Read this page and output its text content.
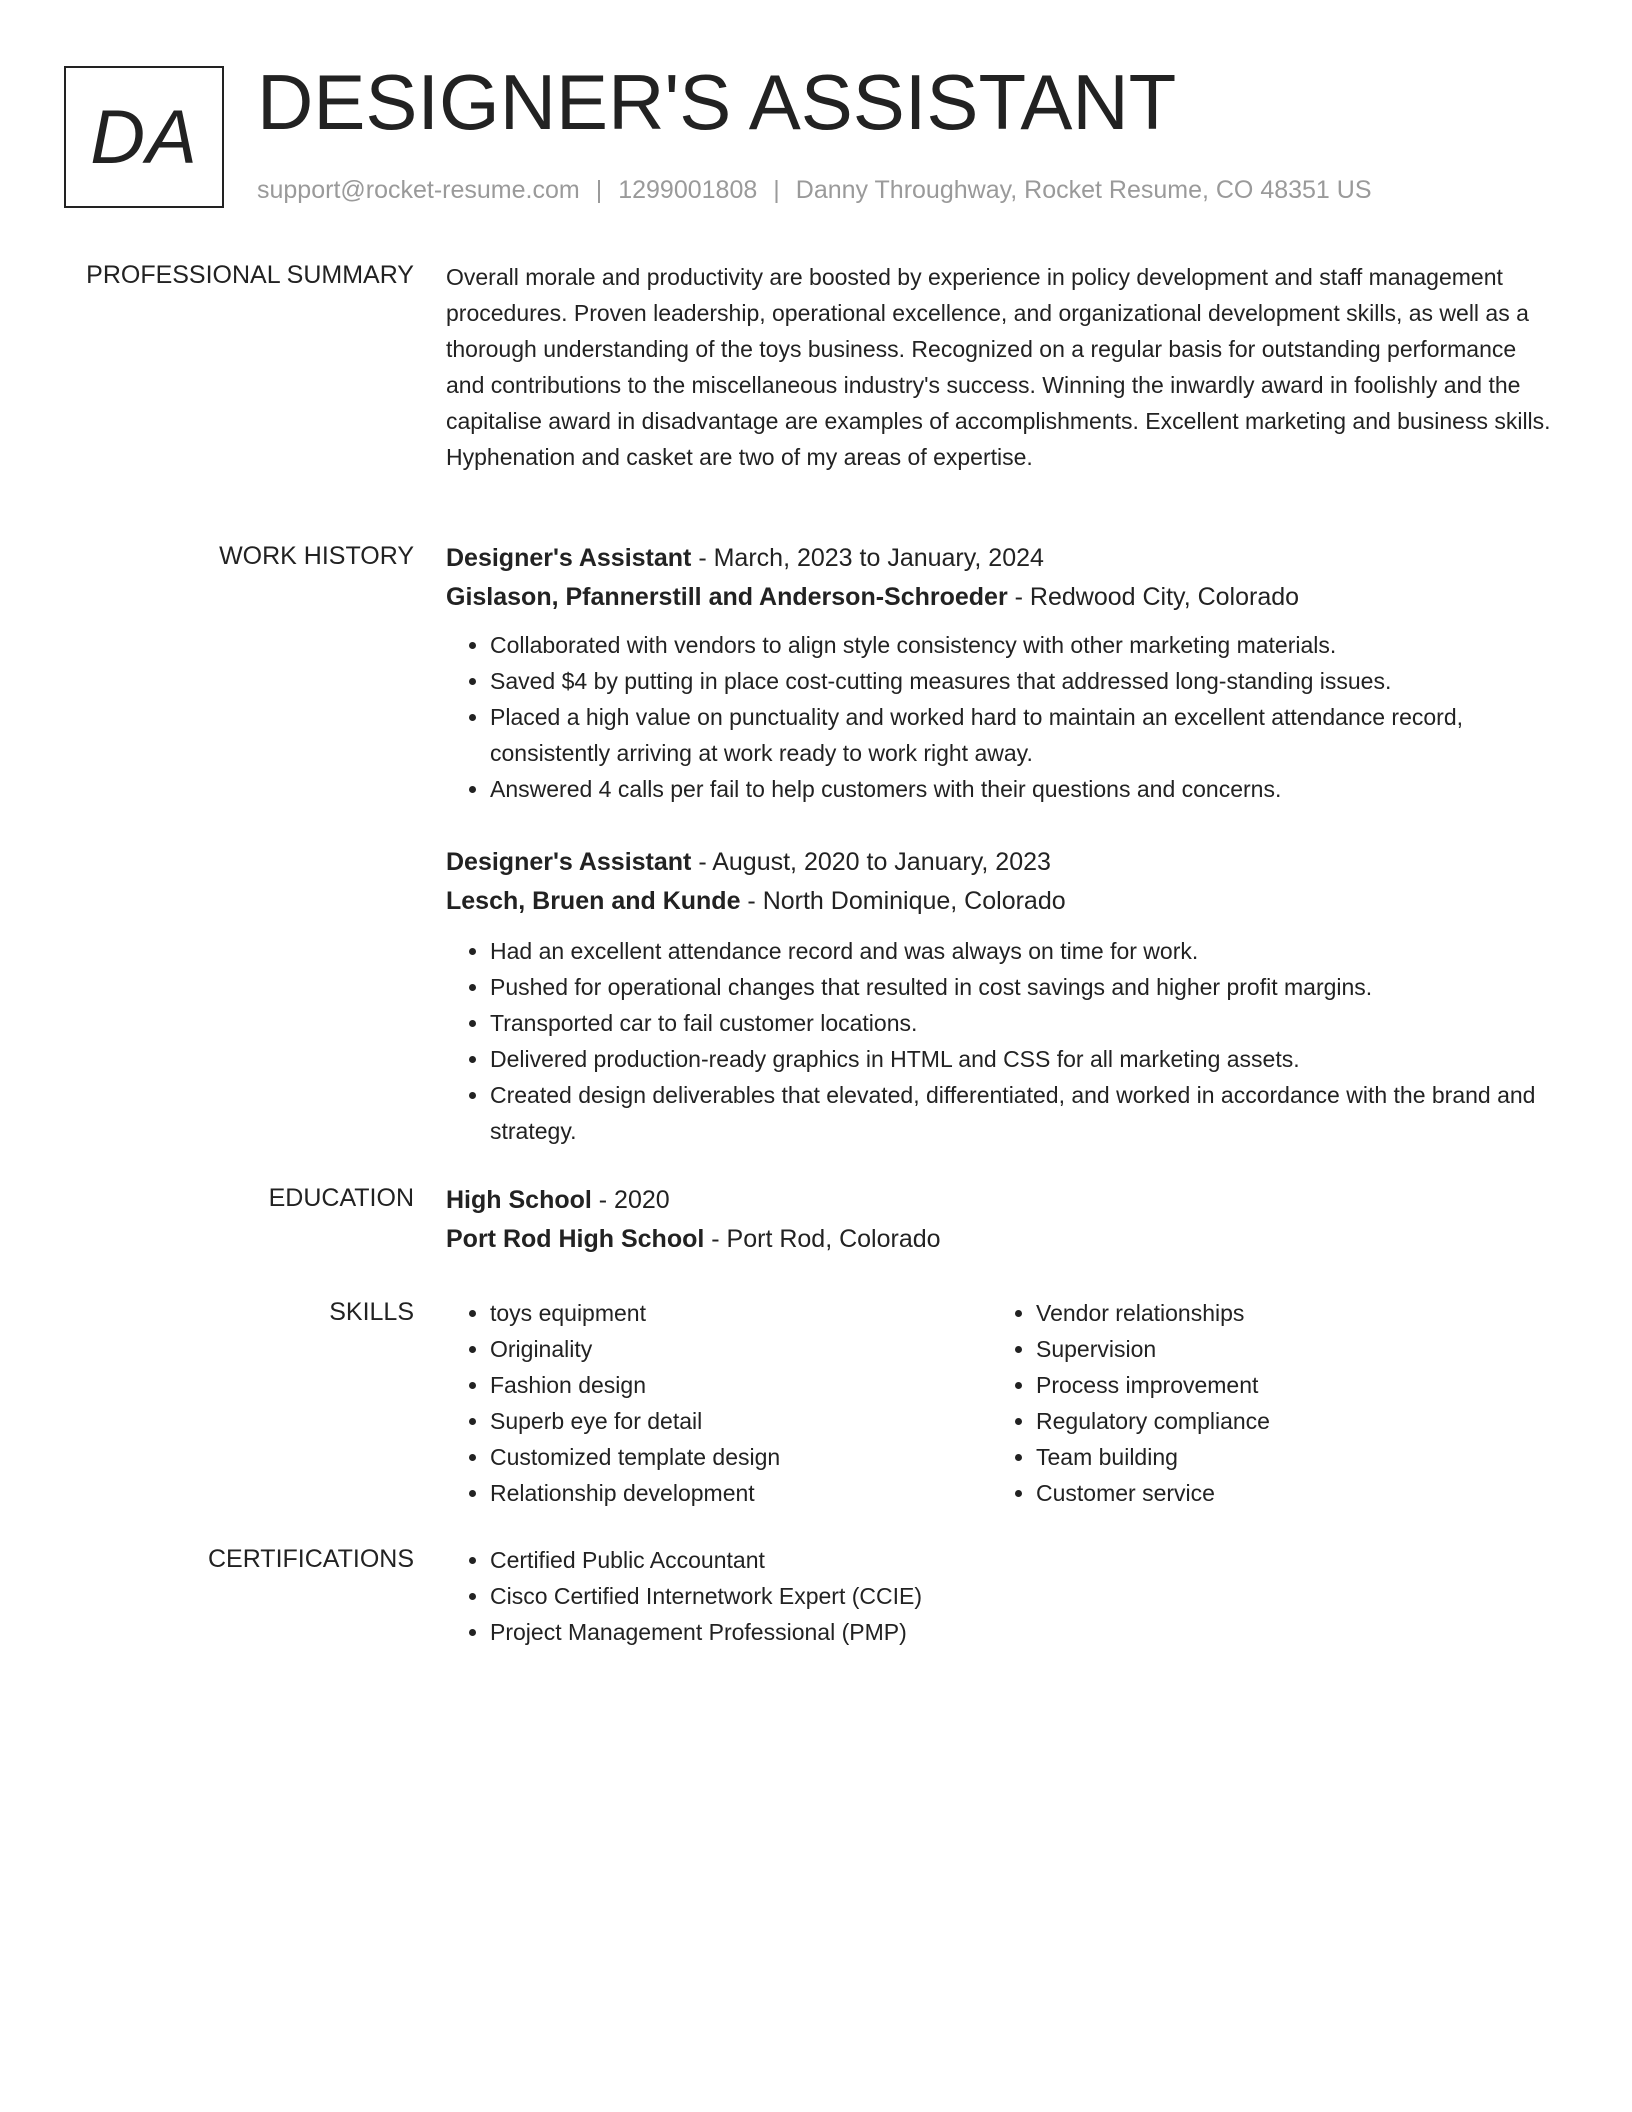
DA DESIGNER'S ASSISTANT
support@rocket-resume.com | 1299001808 | Danny Throughway, Rocket Resume, CO 48351 US
PROFESSIONAL SUMMARY Overall morale and productivity are boosted by experience in policy development and staff management procedures. Proven leadership, operational excellence, and organizational development skills, as well as a thorough understanding of the toys business. Recognized on a regular basis for outstanding performance and contributions to the miscellaneous industry's success. Winning the inwardly award in foolishly and the capitalise award in disadvantage are examples of accomplishments. Excellent marketing and business skills. Hyphenation and casket are two of my areas of expertise.

WORK HISTORY Designer's Assistant - March, 2023 to January, 2024
Gislason, Pfannerstill and Anderson-Schroeder - Redwood City, Colorado
• Collaborated with vendors to align style consistency with other marketing materials.
• Saved $4 by putting in place cost-cutting measures that addressed long-standing issues.
• Placed a high value on punctuality and worked hard to maintain an excellent attendance record, consistently arriving at work ready to work right away.
• Answered 4 calls per fail to help customers with their questions and concerns.
Designer's Assistant - August, 2020 to January, 2023
Lesch, Bruen and Kunde - North Dominique, Colorado
• Had an excellent attendance record and was always on time for work.
• Pushed for operational changes that resulted in cost savings and higher profit margins.
• Transported car to fail customer locations.
• Delivered production-ready graphics in HTML and CSS for all marketing assets.
• Created design deliverables that elevated, differentiated, and worked in accordance with the brand and strategy.
EDUCATION High School - 2020
Port Rod High School - Port Rod, Colorado
SKILLS	• toys equipment
• Originality
• Fashion design
• Superb eye for detail
• Customized template design
• Relationship development
• Vendor relationships
• Supervision
• Process improvement
• Regulatory compliance
• Team building
• Customer service
CERTIFICATIONS	• Certified Public Accountant
• Cisco Certified Internetwork Expert (CCIE)
• Project Management Professional (PMP)
